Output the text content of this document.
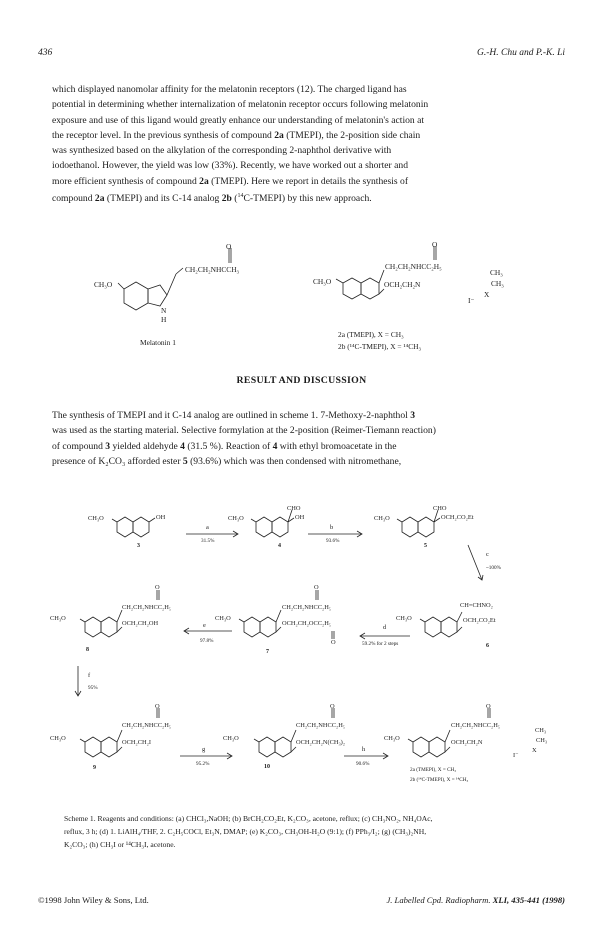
436	G.-H. Chu and P.-K. Li
which displayed nanomolar affinity for the melatonin receptors (12). The charged ligand has
potential in determining whether internalization of melatonin receptor occurs following melatonin
exposure and use of this ligand would greatly enhance our understanding of melatonin's action at
the receptor level. In the previous synthesis of compound 2a (TMEPI), the 2-position side chain
was synthesized based on the alkylation of the corresponding 2-naphthol derivative with
iodoethanol. However, the yield was low (33%). Recently, we have worked out a shorter and
more efficient synthesis of compound 2a (TMEPI). Here we report in details the synthesis of
compound 2a (TMEPI) and its C-14 analog 2b ($^{14}$C-TMEPI) by this new approach.
O
CH₂CH₂NHCCH₃
CH₃O
N
H
Melatonin 1
O
CH₂CH₂NHCC₂H₅
CH₃
CH₃O	OCH₂CH₂N	CH₃
X
I⁻
2a (TMEPI), X = CH₃
2b (¹⁴C-TMEPI), X = ¹⁴CH₃
RESULT AND DISCUSSION
The synthesis of TMEPI and it C-14 analog are outlined in scheme 1. 7-Methoxy-2-naphthol 3
was used as the starting material. Selective formylation at the 2-position (Reimer-Tiemann reaction)
of compound 3 yielded aldehyde 4 (31.5 %). Reaction of 4 with ethyl bromoacetate in the
presence of K₂CO₃ afforded ester 5 (93.6%) which was then condensed with nitromethane,
CH₃O	OH
3
a
31.5%
CHO
CH₃O	OH
4
b
93.6%
CHO
CH₃O	OCH₂CO₂Et
5
c
~100%
CH=CHNO₂
CH₃O	OCH₂CO₂Et
6
d
59.2% for 2 steps
O
CH₂CH₂NHCC₂H₅
CH₃O
OCH₂CH₂OCC₂H₅
O
7
e
97.8%
O
CH₂CH₂NHCC₂H₅
CH₃O
OCH₂CH₂OH
8
f
95%
O
CH₂CH₂NHCC₂H₅
CH₃O
OCH₂CH₂I
9
g
95.2%
O
CH₂CH₂NHCC₂H₅
CH₃O
OCH₂CH₂N(CH₃)₂
10
h
90.6%
O
CH₂CH₂NHCC₂H₅
CH₃
CH₃O
OCH₂CH₂N	CH₃
X
I⁻
2a (TMEPI), X = CH₃
2b (¹⁴C-TMEPI), X = ¹⁴CH₃
Scheme 1. Reagents and conditions: (a) CHCl₃,NaOH; (b) BrCH₂CO₂Et, K₂CO₃, acetone, reflux; (c) CH₃NO₂, NH₄OAc,
reflux, 3 h; (d) 1. LiAlH₄/THF, 2. C₂H₅COCl, Et₃N, DMAP; (e) K₂CO₃, CH₃OH-H₂O (9:1); (f) PPh₃/I₂; (g) (CH₃)₂NH,
K₂CO₃; (h) CH₃I or ¹⁴CH₃I, acetone.
©1998 John Wiley & Sons, Ltd.	J. Labelled Cpd. Radiopharm. XLI, 435-441 (1998)
